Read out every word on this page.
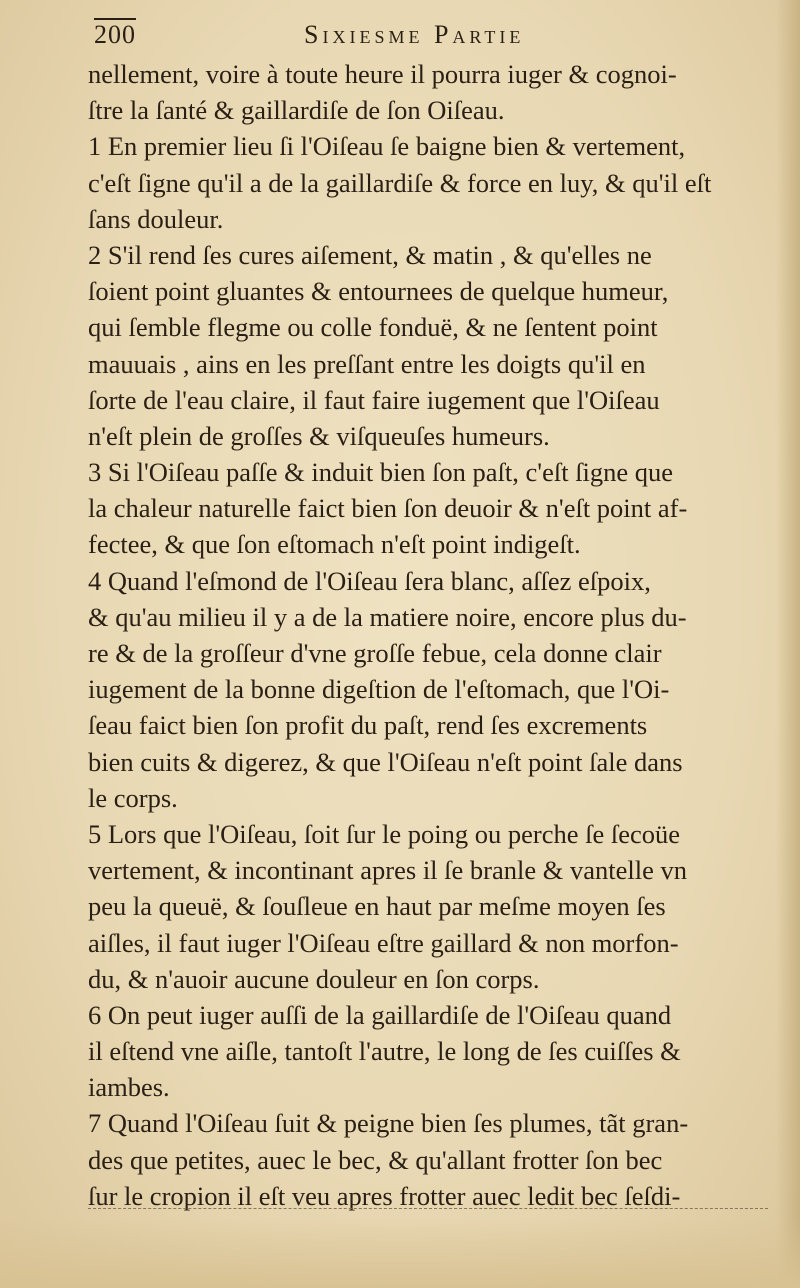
200	Sixiesme Partie
nellement, voire à toute heure il pourra iuger & cognoi-
ſtre la ſanté & gaillardiſe de ſon Oiſeau.
1 En premier lieu ſi l'Oiſeau ſe baigne bien & vertement,
c'eſt ſigne qu'il a de la gaillardiſe & force en luy, & qu'il eſt
ſans douleur.
2 S'il rend ſes cures aiſement, & matin , & qu'elles ne
ſoient point gluantes & entournees de quelque humeur,
qui ſemble flegme ou colle fonduë, & ne ſentent point
mauuais , ains en les preſſant entre les doigts qu'il en
ſorte de l'eau claire, il faut faire iugement que l'Oiſeau
n'eſt plein de groſſes & viſqueuſes humeurs.
3 Si l'Oiſeau paſſe & induit bien ſon paſt, c'eſt ſigne que
la chaleur naturelle faict bien ſon deuoir & n'eſt point af-
fectee, & que ſon eſtomach n'eſt point indigeſt.
4 Quand l'eſmond de l'Oiſeau ſera blanc, aſſez eſpoix,
& qu'au milieu il y a de la matiere noire, encore plus du-
re & de la groſſeur d'vne groſſe febue, cela donne clair
iugement de la bonne digeſtion de l'eſtomach, que l'Oi-
ſeau faict bien ſon profit du paſt, rend ſes excrements
bien cuits & digerez, & que l'Oiſeau n'eſt point ſale dans
le corps.
5 Lors que l'Oiſeau, ſoit ſur le poing ou perche ſe ſecoüe
vertement, & incontinant apres il ſe branle & vantelle vn
peu la queuë, & ſouſleue en haut par meſme moyen ſes
aiſles, il faut iuger l'Oiſeau eſtre gaillard & non morfon-
du, & n'auoir aucune douleur en ſon corps.
6 On peut iuger auſſi de la gaillardiſe de l'Oiſeau quand
il eſtend vne aiſle, tantoſt l'autre, le long de ſes cuiſſes &
iambes.
7 Quand l'Oiſeau ſuit & peigne bien ſes plumes, tãt gran-
des que petites, auec le bec, & qu'allant frotter ſon bec
ſur le cropion il eſt veu apres frotter auec ledit bec ſeſdi-
